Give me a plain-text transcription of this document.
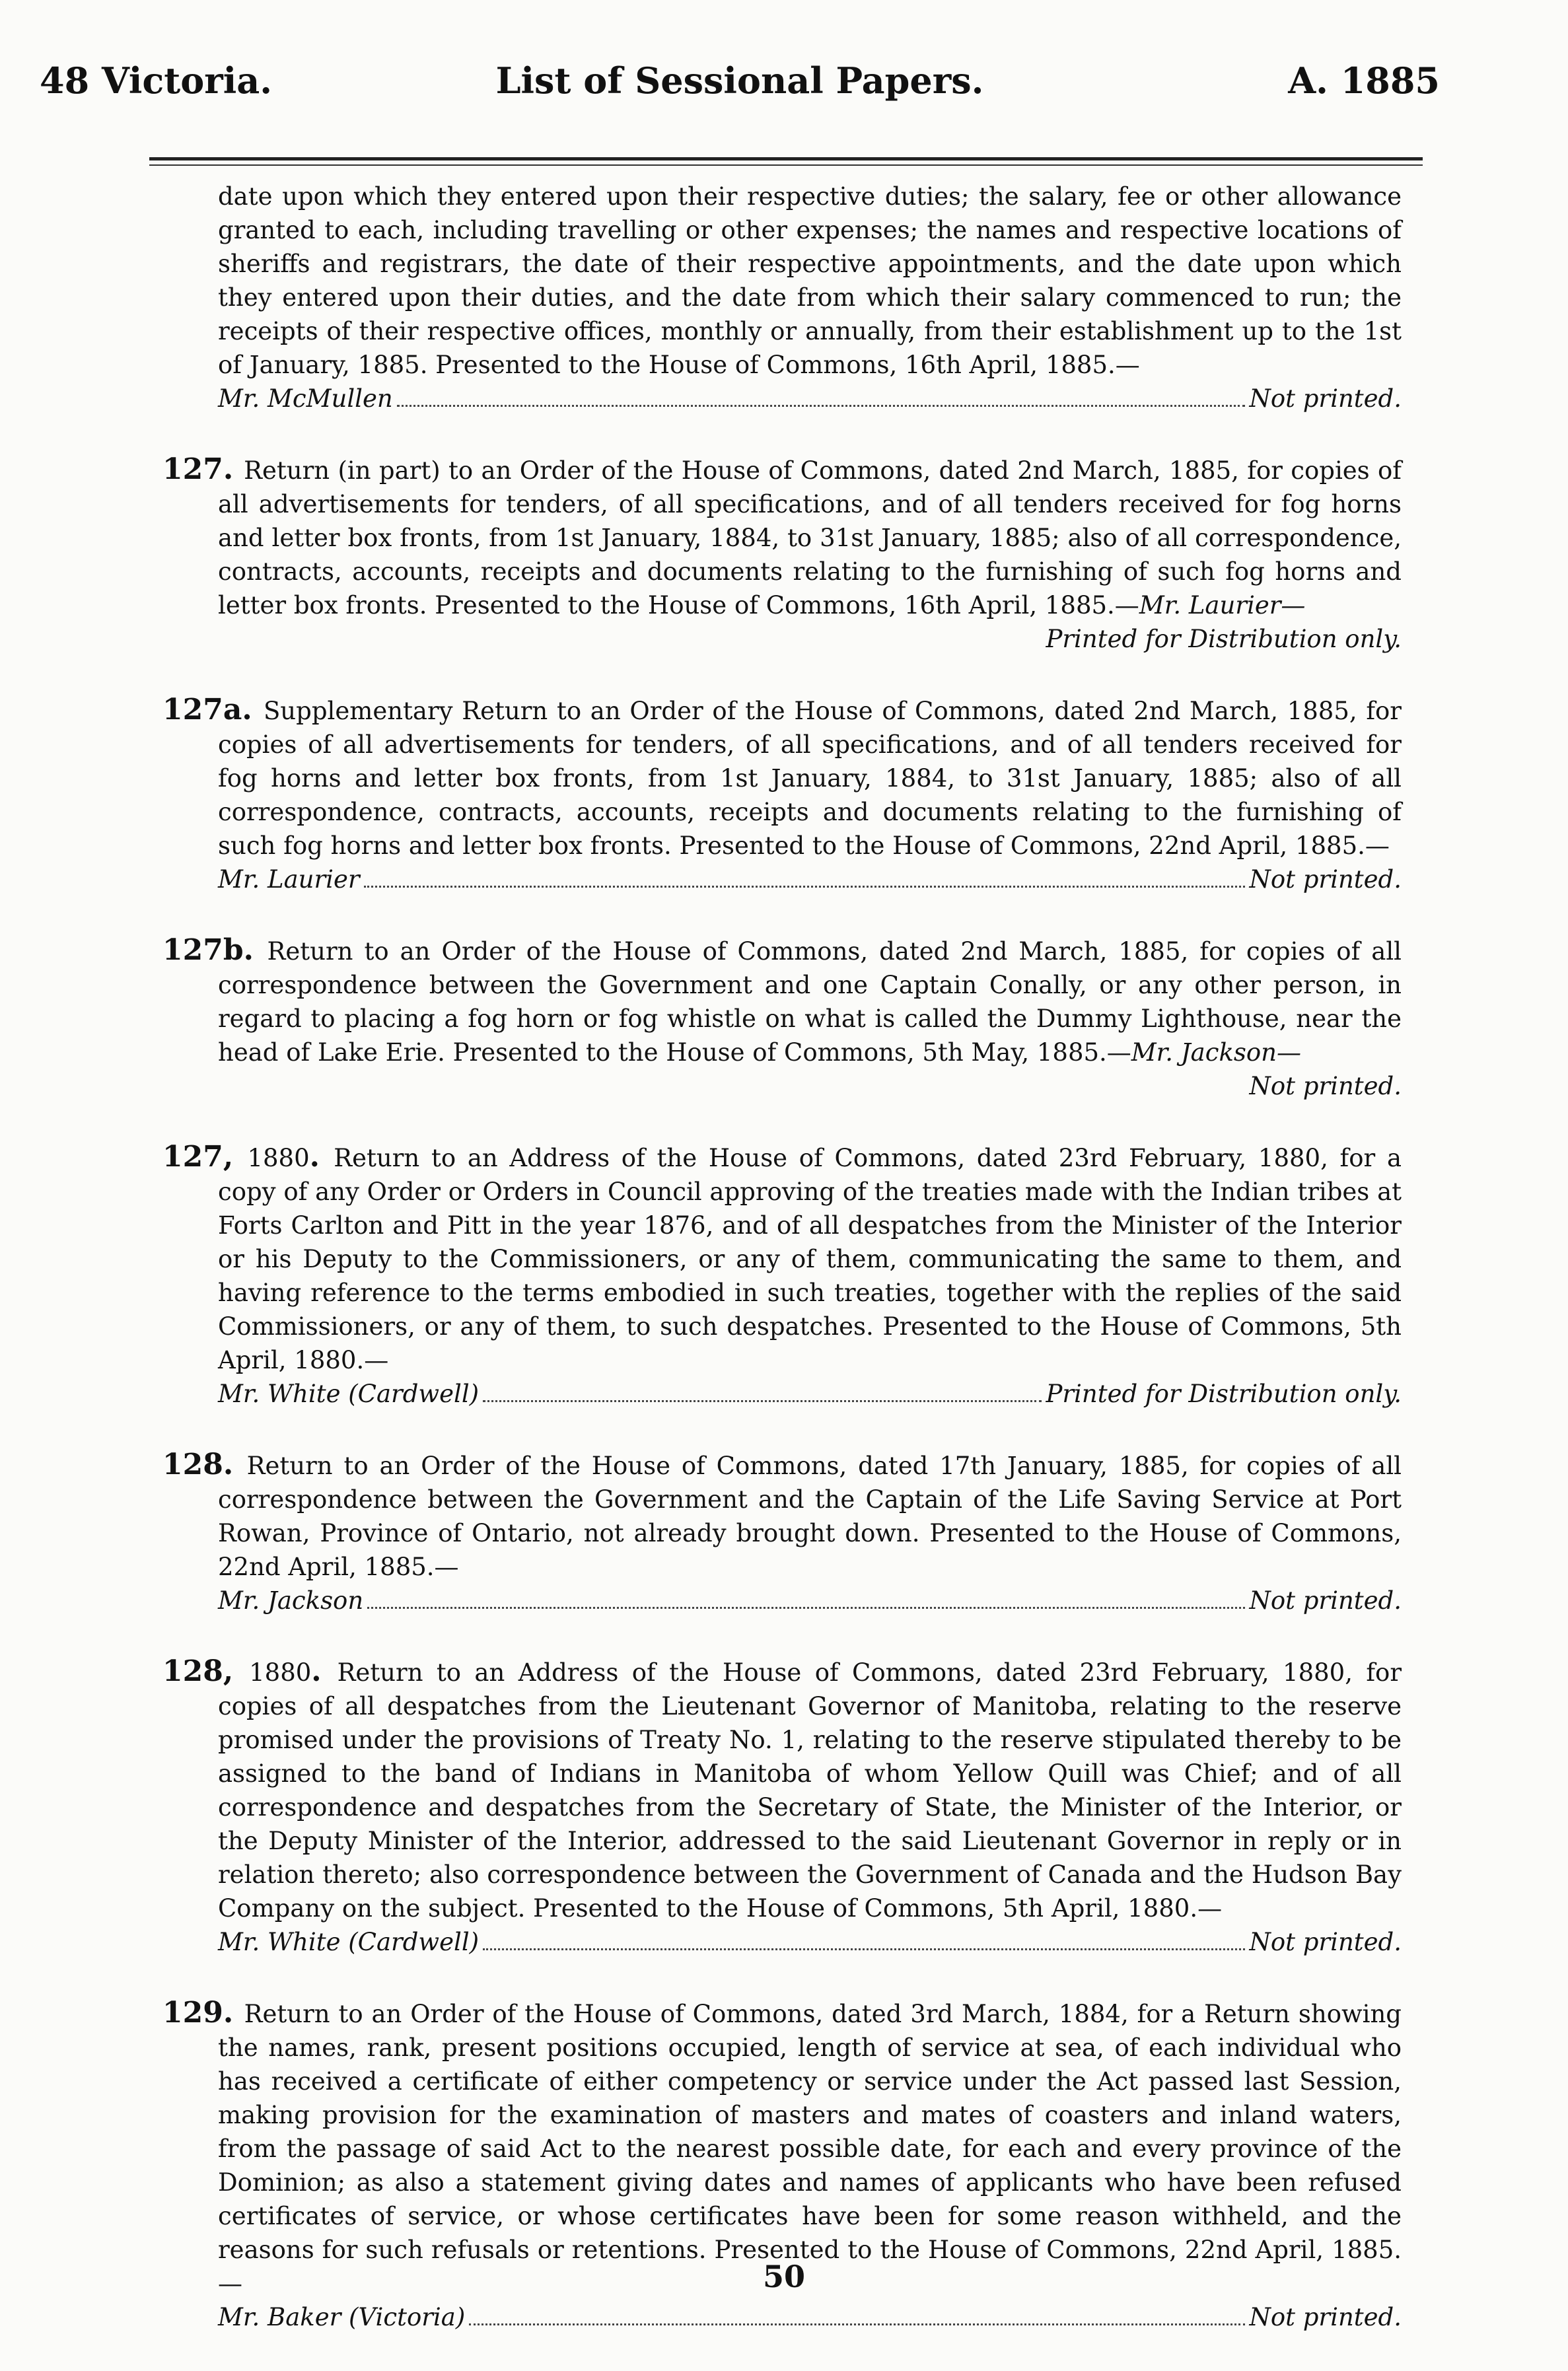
48 Victoria.	List of Sessional Papers.	A. 1885
date upon which they entered upon their respective duties; the salary, fee or other allowance granted to each, including travelling or other expenses; the names and respective locations of sheriffs and registrars, the date of their respective appointments, and the date upon which they entered upon their duties, and the date from which their salary commenced to run; the receipts of their respective offices, monthly or annually, from their establishment up to the 1st of January, 1885. Presented to the House of Commons, 16th April, 1885.—
Mr. McMullen	Not printed.
127. Return (in part) to an Order of the House of Commons, dated 2nd March, 1885, for copies of all advertisements for tenders, of all specifications, and of all tenders received for fog horns and letter box fronts, from 1st January, 1884, to 31st January, 1885; also of all correspondence, contracts, accounts, receipts and documents relating to the furnishing of such fog horns and letter box fronts. Presented to the House of Commons, 16th April, 1885.—Mr. Laurier—
Printed for Distribution only.
127a. Supplementary Return to an Order of the House of Commons, dated 2nd March, 1885, for copies of all advertisements for tenders, of all specifications, and of all tenders received for fog horns and letter box fronts, from 1st January, 1884, to 31st January, 1885; also of all correspondence, contracts, accounts, receipts and documents relating to the furnishing of such fog horns and letter box fronts. Presented to the House of Commons, 22nd April, 1885.—
Mr. Laurier	Not printed.
127b. Return to an Order of the House of Commons, dated 2nd March, 1885, for copies of all correspondence between the Government and one Captain Conally, or any other person, in regard to placing a fog horn or fog whistle on what is called the Dummy Lighthouse, near the head of Lake Erie. Presented to the House of Commons, 5th May, 1885.—Mr. Jackson—
Not printed.
127, 1880. Return to an Address of the House of Commons, dated 23rd February, 1880, for a copy of any Order or Orders in Council approving of the treaties made with the Indian tribes at Forts Carlton and Pitt in the year 1876, and of all despatches from the Minister of the Interior or his Deputy to the Commissioners, or any of them, communicating the same to them, and having reference to the terms embodied in such treaties, together with the replies of the said Commissioners, or any of them, to such despatches. Presented to the House of Commons, 5th April, 1880.—
Mr. White (Cardwell)	Printed for Distribution only.
128. Return to an Order of the House of Commons, dated 17th January, 1885, for copies of all correspondence between the Government and the Captain of the Life Saving Service at Port Rowan, Province of Ontario, not already brought down. Presented to the House of Commons, 22nd April, 1885.—
Mr. Jackson	Not printed.
128, 1880. Return to an Address of the House of Commons, dated 23rd February, 1880, for copies of all despatches from the Lieutenant Governor of Manitoba, relating to the reserve promised under the provisions of Treaty No. 1, relating to the reserve stipulated thereby to be assigned to the band of Indians in Manitoba of whom Yellow Quill was Chief; and of all correspondence and despatches from the Secretary of State, the Minister of the Interior, or the Deputy Minister of the Interior, addressed to the said Lieutenant Governor in reply or in relation thereto; also correspondence between the Government of Canada and the Hudson Bay Company on the subject. Presented to the House of Commons, 5th April, 1880.—
Mr. White (Cardwell)	Not printed.
129. Return to an Order of the House of Commons, dated 3rd March, 1884, for a Return showing the names, rank, present positions occupied, length of service at sea, of each individual who has received a certificate of either competency or service under the Act passed last Session, making provision for the examination of masters and mates of coasters and inland waters, from the passage of said Act to the nearest possible date, for each and every province of the Dominion; as also a statement giving dates and names of applicants who have been refused certificates of service, or whose certificates have been for some reason withheld, and the reasons for such refusals or retentions. Presented to the House of Commons, 22nd April, 1885.—
Mr. Baker (Victoria)	Not printed.
50
